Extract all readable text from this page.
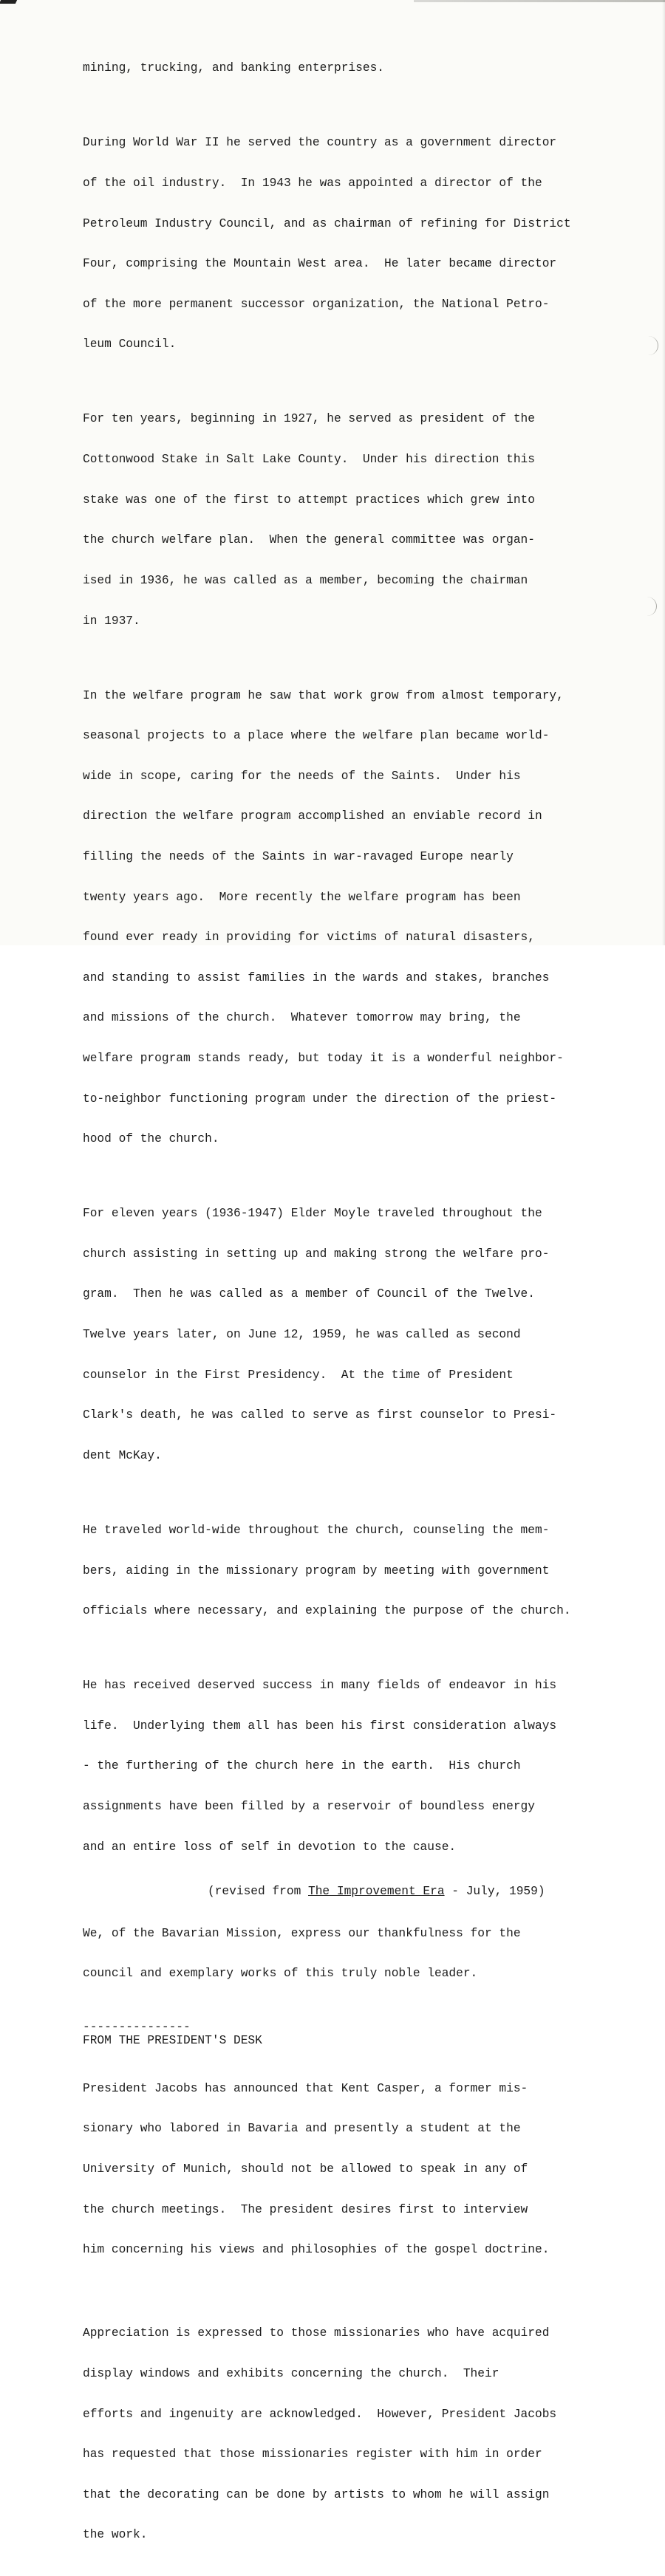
mining, trucking, and banking enterprises.

During World War II he served the country as a government director

of the oil industry.  In 1943 he was appointed a director of the

Petroleum Industry Council, and as chairman of refining for District

Four, comprising the Mountain West area.  He later became director

of the more permanent successor organization, the National Petro-

leum Council.

For ten years, beginning in 1927, he served as president of the

Cottonwood Stake in Salt Lake County.  Under his direction this

stake was one of the first to attempt practices which grew into

the church welfare plan.  When the general committee was organ-

ised in 1936, he was called as a member, becoming the chairman

in 1937.

In the welfare program he saw that work grow from almost temporary,

seasonal projects to a place where the welfare plan became world-

wide in scope, caring for the needs of the Saints.  Under his

direction the welfare program accomplished an enviable record in

filling the needs of the Saints in war-ravaged Europe nearly

twenty years ago.  More recently the welfare program has been

found ever ready in providing for victims of natural disasters,

and standing to assist families in the wards and stakes, branches

and missions of the church.  Whatever tomorrow may bring, the

welfare program stands ready, but today it is a wonderful neighbor-

to-neighbor functioning program under the direction of the priest-

hood of the church.

For eleven years (1936-1947) Elder Moyle traveled throughout the

church assisting in setting up and making strong the welfare pro-

gram.  Then he was called as a member of Council of the Twelve.

Twelve years later, on June 12, 1959, he was called as second

counselor in the First Presidency.  At the time of President

Clark's death, he was called to serve as first counselor to Presi-

dent McKay.

He traveled world-wide throughout the church, counseling the mem-

bers, aiding in the missionary program by meeting with government

officials where necessary, and explaining the purpose of the church.

He has received deserved success in many fields of endeavor in his

life.  Underlying them all has been his first consideration always

- the furthering of the church here in the earth.  His church

assignments have been filled by a reservoir of boundless energy

and an entire loss of self in devotion to the cause.

(revised from The Improvement Era - July, 1959)

We, of the Bavarian Mission, express our thankfulness for the

council and exemplary works of this truly noble leader.

---------------
FROM THE PRESIDENT'S DESK

President Jacobs has announced that Kent Casper, a former mis-

sionary who labored in Bavaria and presently a student at the

University of Munich, should not be allowed to speak in any of

the church meetings.  The president desires first to interview

him concerning his views and philosophies of the gospel doctrine.

Appreciation is expressed to those missionaries who have acquired

display windows and exhibits concerning the church.  Their

efforts and ingenuity are acknowledged.  However, President Jacobs

has requested that those missionaries register with him in order

that the decorating can be done by artists to whom he will assign

the work.
